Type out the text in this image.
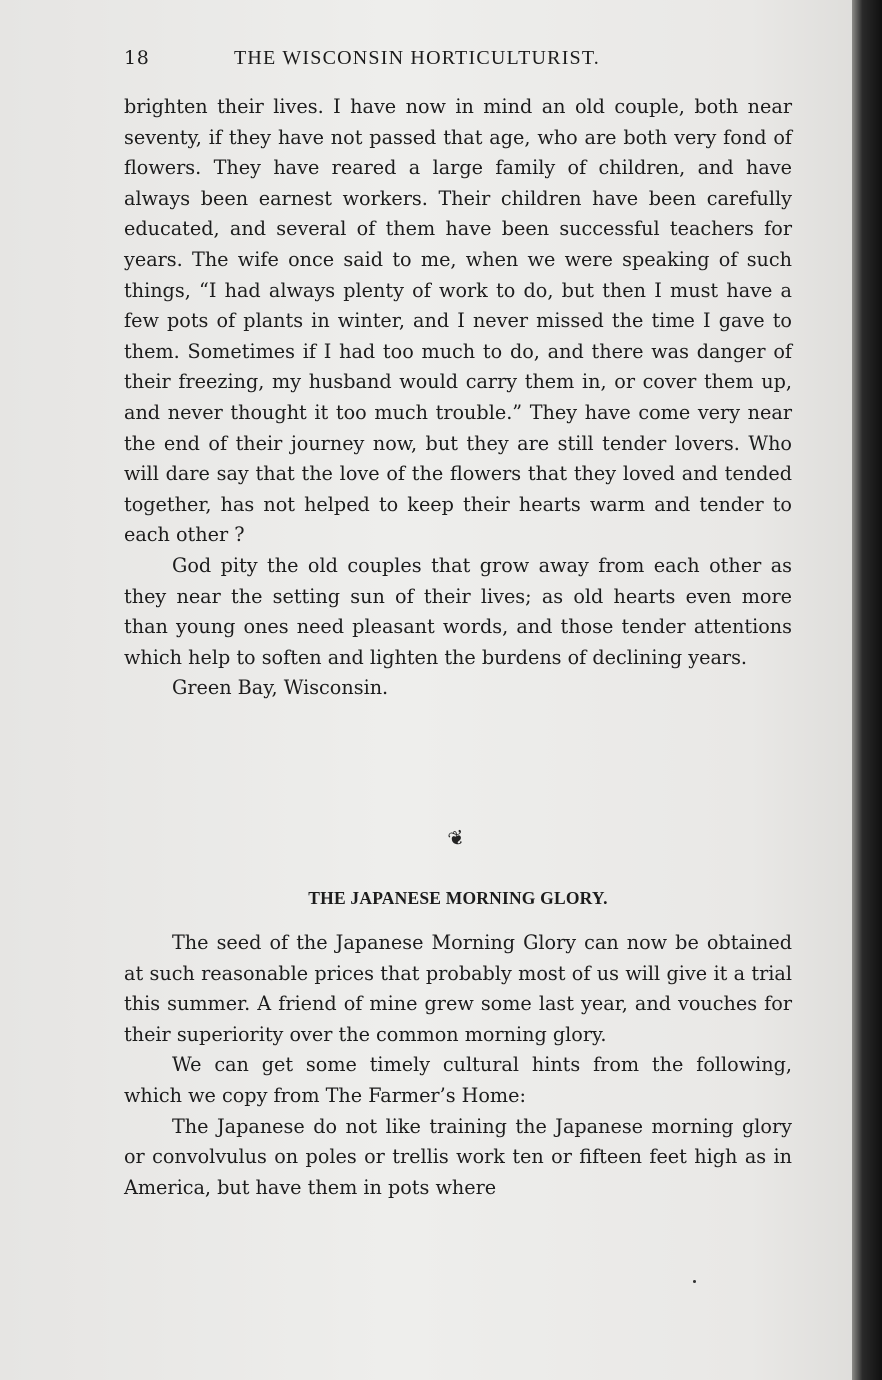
18	THE WISCONSIN HORTICULTURIST.

brighten their lives. I have now in mind an old couple, both near seventy, if they have not passed that age, who are both very fond of flowers. They have reared a large family of children, and have always been earnest workers. Their children have been carefully educated, and several of them have been successful teachers for years. The wife once said to me, when we were speaking of such things, “I had always plenty of work to do, but then I must have a few pots of plants in winter, and I never missed the time I gave to them. Sometimes if I had too much to do, and there was danger of their freezing, my husband would carry them in, or cover them up, and never thought it too much trouble.” They have come very near the end of their journey now, but they are still tender lovers. Who will dare say that the love of the flowers that they loved and tended together, has not helped to keep their hearts warm and tender to each other ?

God pity the old couples that grow away from each other as they near the setting sun of their lives; as old hearts even more than young ones need pleasant words, and those tender attentions which help to soften and lighten the burdens of declining years.

Green Bay, Wisconsin.

❦
THE JAPANESE MORNING GLORY.

The seed of the Japanese Morning Glory can now be obtained at such reasonable prices that probably most of us will give it a trial this summer. A friend of mine grew some last year, and vouches for their superiority over the common morning glory.

We can get some timely cultural hints from the following, which we copy from The Farmer’s Home:

The Japanese do not like training the Japanese morning glory or convolvulus on poles or trellis work ten or fifteen feet high as in America, but have them in pots where
